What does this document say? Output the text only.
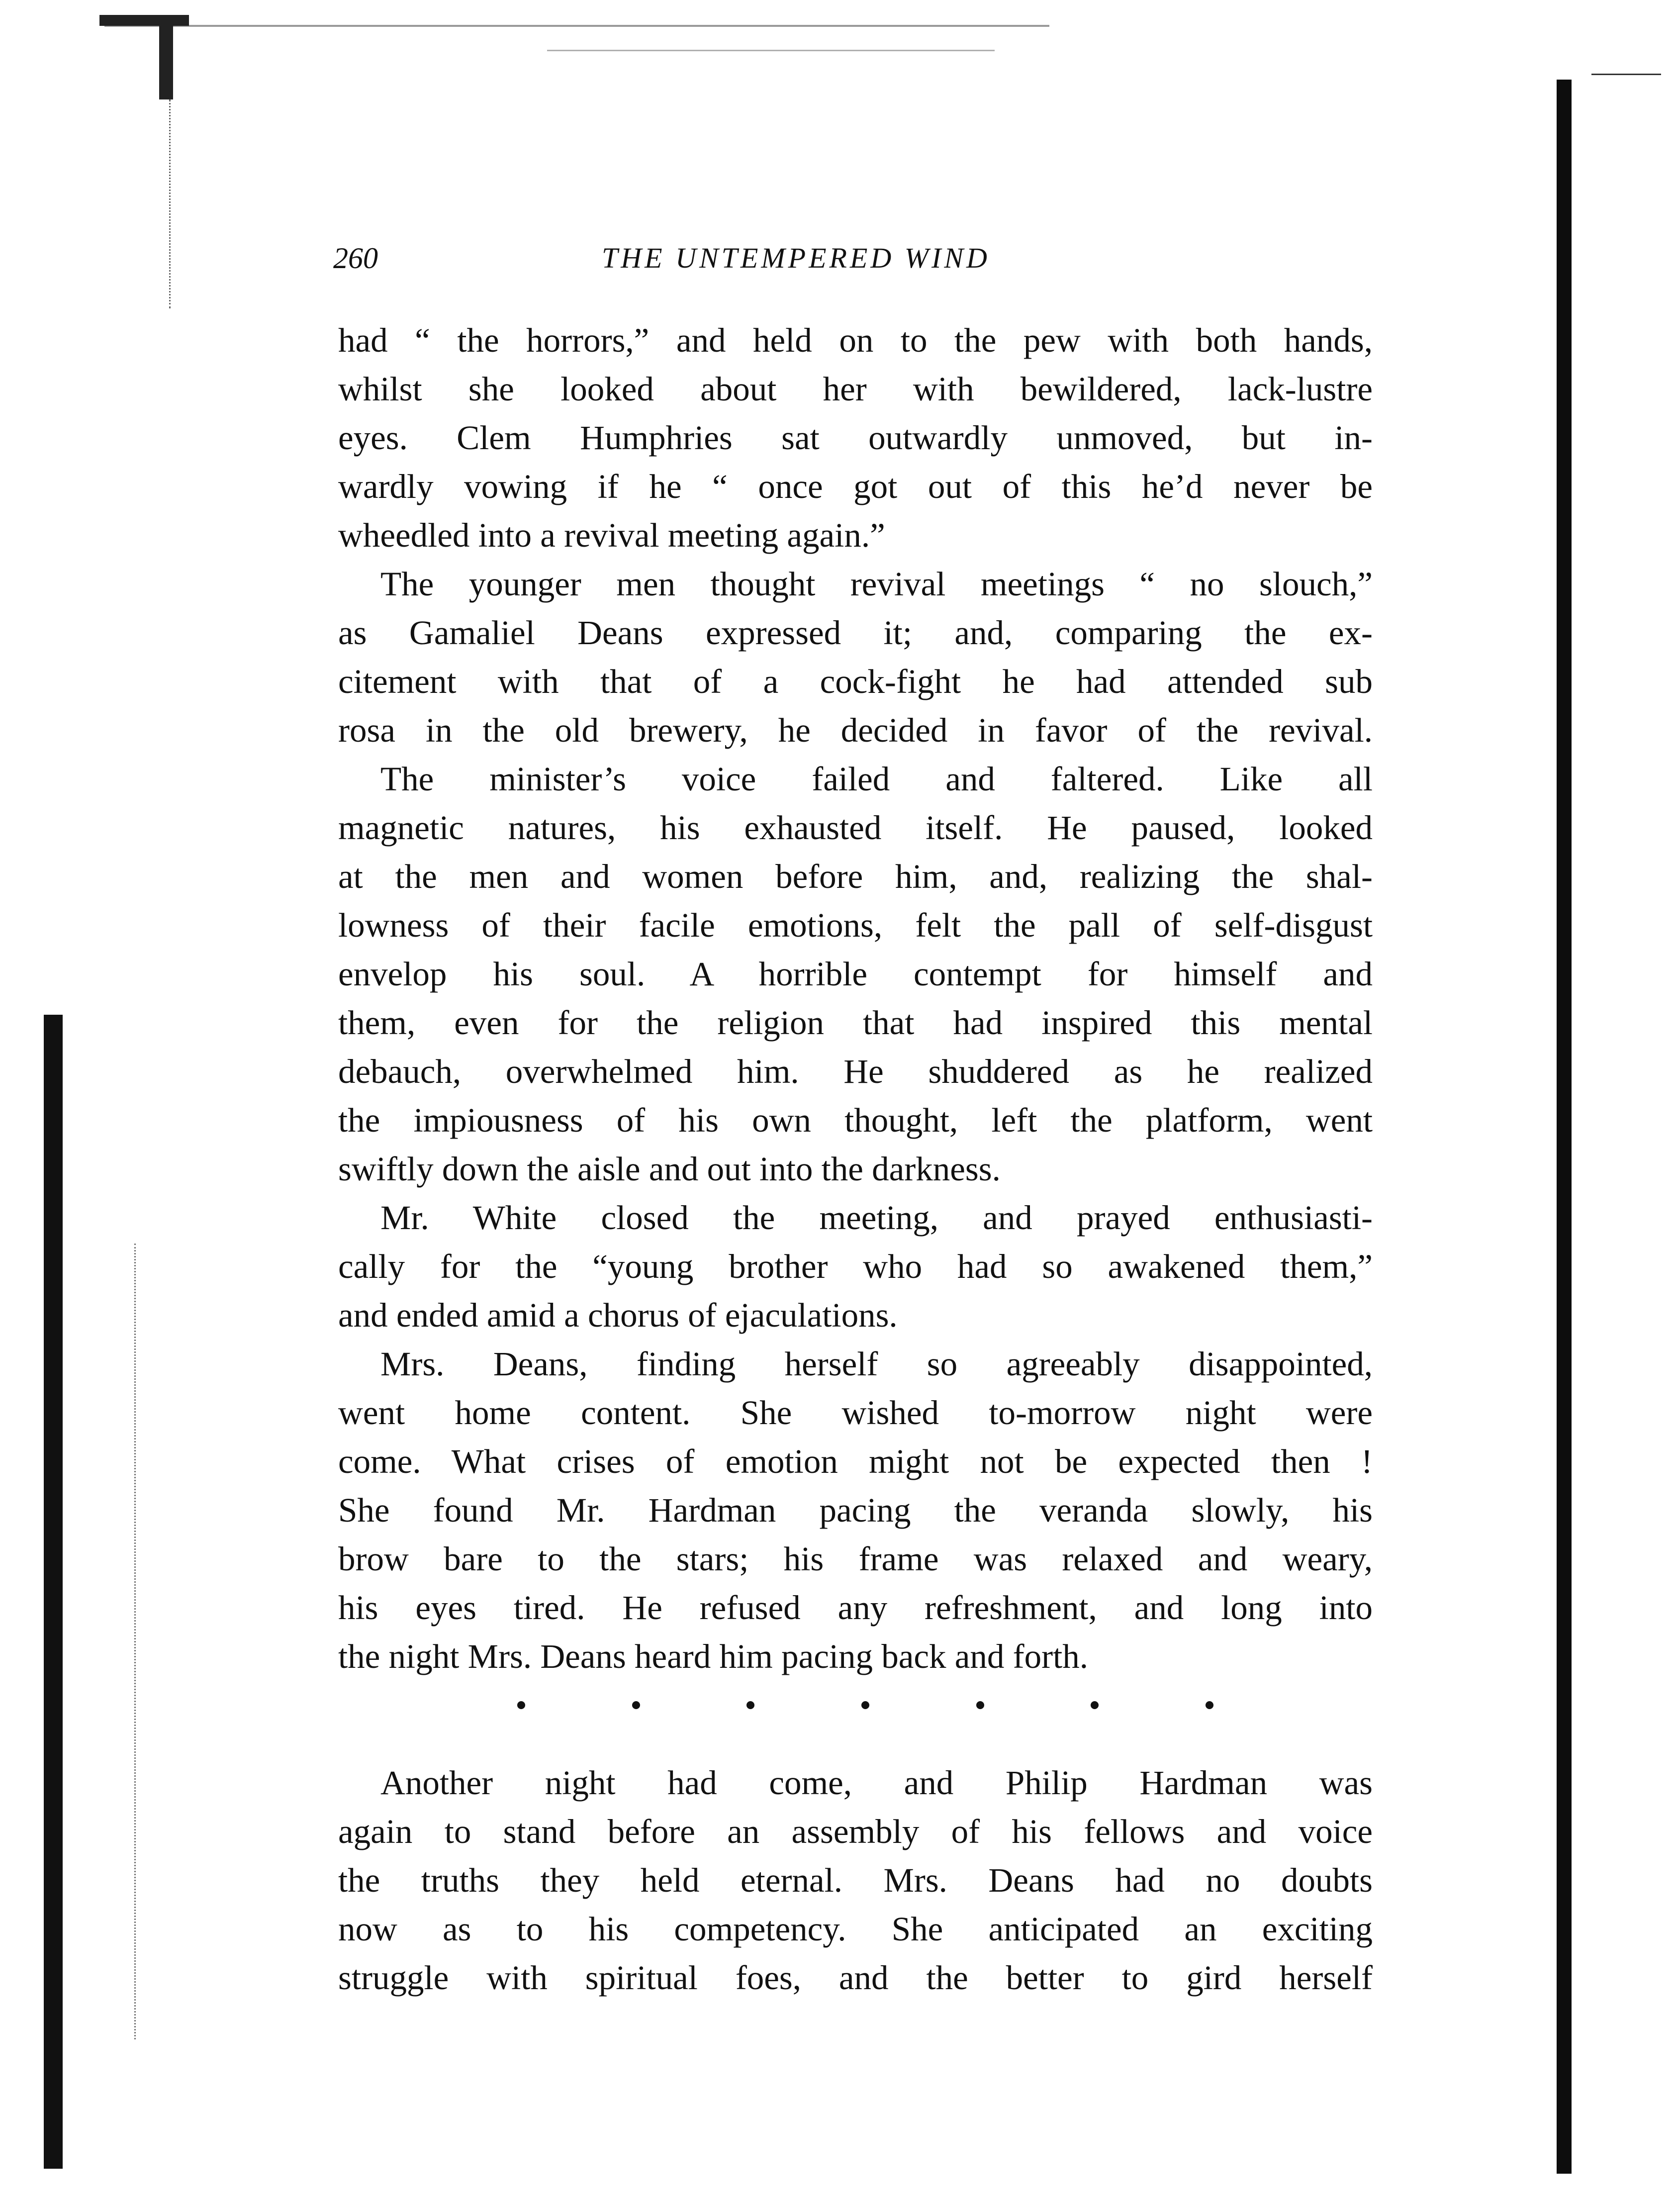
260	THE UNTEMPERED WIND
had “ the horrors,” and held on to the pew with both hands,
whilst she looked about her with bewildered, lack-lustre
eyes. Clem Humphries sat outwardly unmoved, but in-
wardly vowing if he “ once got out of this he’d never be
wheedled into a revival meeting again.”
The younger men thought revival meetings “ no slouch,”
as Gamaliel Deans expressed it; and, comparing the ex-
citement with that of a cock-fight he had attended sub
rosa in the old brewery, he decided in favor of the revival.
The minister’s voice failed and faltered. Like all
magnetic natures, his exhausted itself. He paused, looked
at the men and women before him, and, realizing the shal-
lowness of their facile emotions, felt the pall of self-disgust
envelop his soul. A horrible contempt for himself and
them, even for the religion that had inspired this mental
debauch, overwhelmed him. He shuddered as he realized
the impiousness of his own thought, left the platform, went
swiftly down the aisle and out into the darkness.
Mr. White closed the meeting, and prayed enthusiasti-
cally for the “young brother who had so awakened them,”
and ended amid a chorus of ejaculations.
Mrs. Deans, finding herself so agreeably disappointed,
went home content. She wished to-morrow night were
come. What crises of emotion might not be expected then !
She found Mr. Hardman pacing the veranda slowly, his
brow bare to the stars; his frame was relaxed and weary,
his eyes tired. He refused any refreshment, and long into
the night Mrs. Deans heard him pacing back and forth.
Another night had come, and Philip Hardman was
again to stand before an assembly of his fellows and voice
the truths they held eternal. Mrs. Deans had no doubts
now as to his competency. She anticipated an exciting
struggle with spiritual foes, and the better to gird herself
